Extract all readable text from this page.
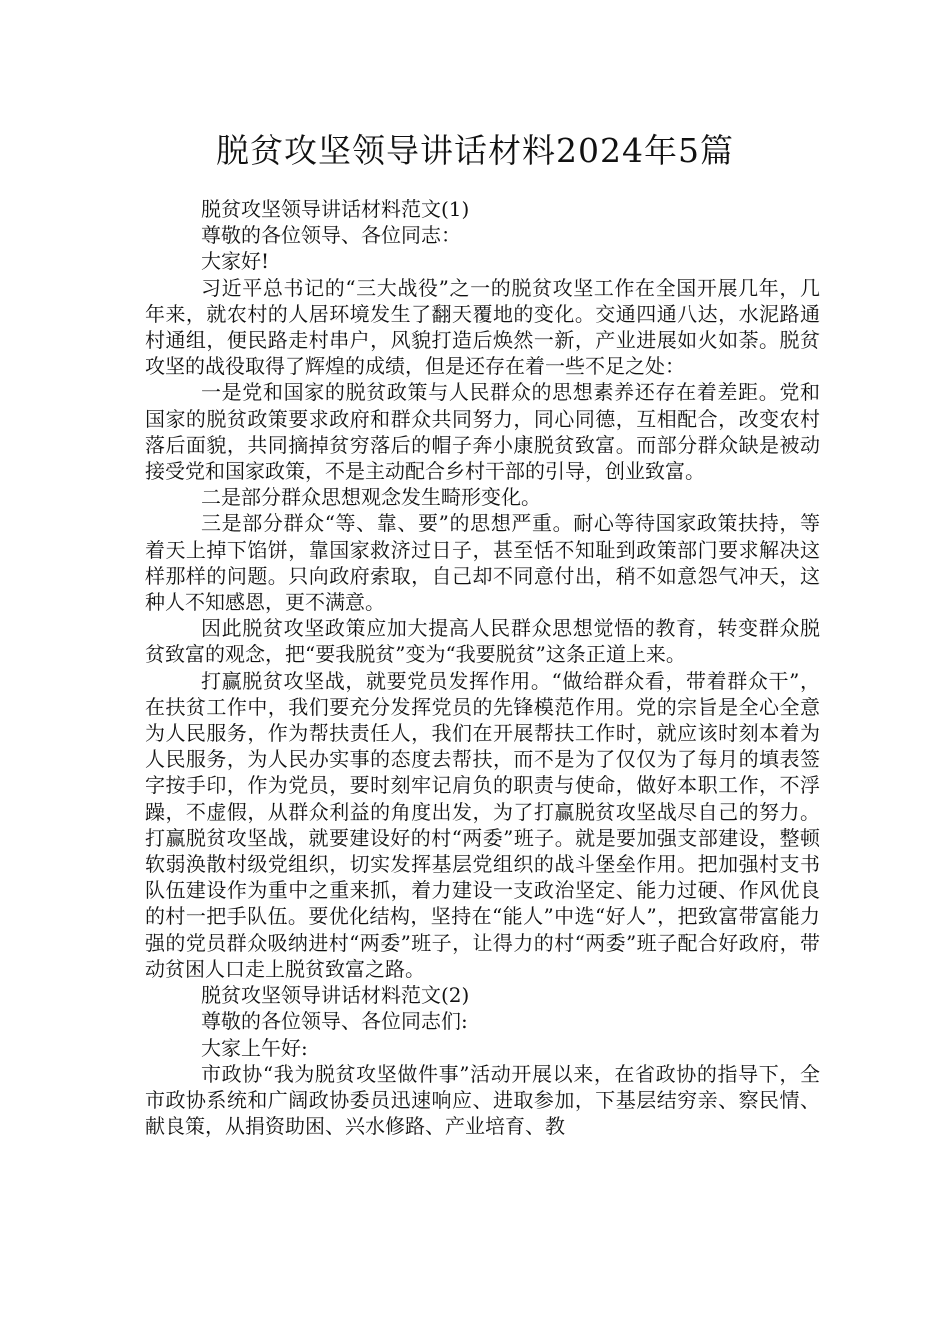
脱贫攻坚领导讲话材料2024年5篇

脱贫攻坚领导讲话材料范文(1)

尊敬的各位领导、各位同志：

大家好!

习近平总书记的“三大战役”之一的脱贫攻坚工作在全国开展几年，几年来，就农村的人居环境发生了翻天覆地的变化。交通四通八达，水泥路通村通组，便民路走村串户，风貌打造后焕然一新，产业进展如火如荼。脱贫攻坚的战役取得了辉煌的成绩，但是还存在着一些不足之处：

一是党和国家的脱贫政策与人民群众的思想素养还存在着差距。党和国家的脱贫政策要求政府和群众共同努力，同心同德，互相配合，改变农村落后面貌，共同摘掉贫穷落后的帽子奔小康脱贫致富。而部分群众缺是被动接受党和国家政策，不是主动配合乡村干部的引导，创业致富。

二是部分群众思想观念发生畸形变化。

三是部分群众“等、靠、要”的思想严重。耐心等待国家政策扶持，等着天上掉下馅饼，靠国家救济过日子，甚至恬不知耻到政策部门要求解决这样那样的问题。只向政府索取，自己却不同意付出，稍不如意怨气冲天，这种人不知感恩，更不满意。

因此脱贫攻坚政策应加大提高人民群众思想觉悟的教育，转变群众脱贫致富的观念，把“要我脱贫”变为“我要脱贫”这条正道上来。

打赢脱贫攻坚战，就要党员发挥作用。“做给群众看，带着群众干”，在扶贫工作中，我们要充分发挥党员的先锋模范作用。党的宗旨是全心全意为人民服务，作为帮扶责任人，我们在开展帮扶工作时，就应该时刻本着为人民服务，为人民办实事的态度去帮扶，而不是为了仅仅为了每月的填表签字按手印，作为党员，要时刻牢记肩负的职责与使命，做好本职工作，不浮躁，不虚假，从群众利益的角度出发，为了打赢脱贫攻坚战尽自己的努力。打赢脱贫攻坚战，就要建设好的村“两委”班子。就是要加强支部建设，整顿软弱涣散村级党组织，切实发挥基层党组织的战斗堡垒作用。把加强村支书队伍建设作为重中之重来抓，着力建设一支政治坚定、能力过硬、作风优良的村一把手队伍。要优化结构，坚持在“能人”中选“好人”，把致富带富能力强的党员群众吸纳进村“两委”班子，让得力的村“两委”班子配合好政府，带动贫困人口走上脱贫致富之路。

脱贫攻坚领导讲话材料范文(2)

尊敬的各位领导、各位同志们:

大家上午好:

市政协“我为脱贫攻坚做件事”活动开展以来，在省政协的指导下，全市政协系统和广阔政协委员迅速响应、进取参加，下基层结穷亲、察民情、献良策，从捐资助困、兴水修路、产业培育、教
